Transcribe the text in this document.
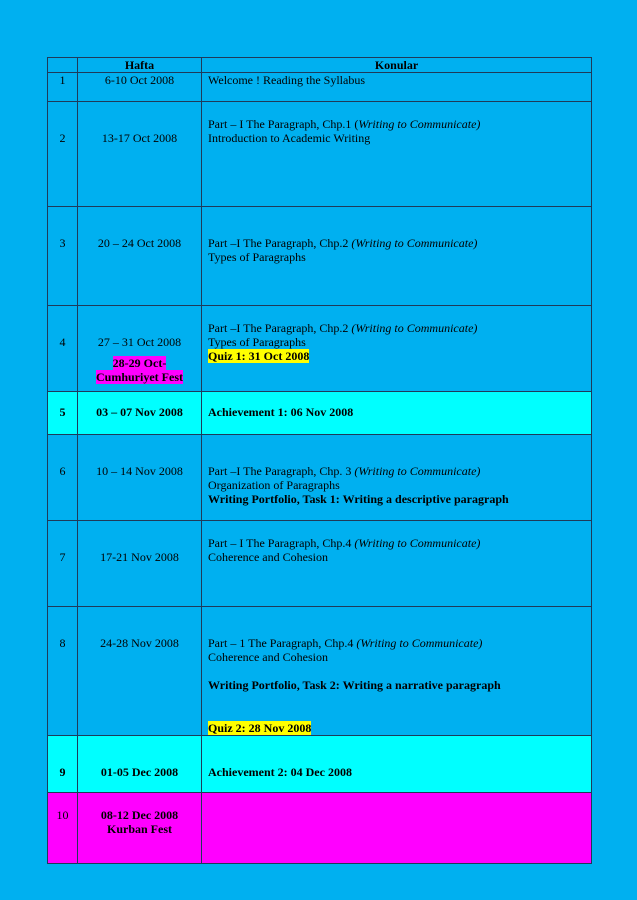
	Hafta	Konular
1	6-10 Oct 2008	Welcome ! Reading the Syllabus
2	13-17 Oct 2008	Part – I The Paragraph, Chp.1 (Writing to Communicate)
Introduction to Academic Writing

3	20 – 24 Oct 2008	Part –I The Paragraph, Chp.2 (Writing to Communicate)
Types of Paragraphs

4	27 – 31 Oct 2008
28-29 Oct-
Cumhuriyet Fest	Part –I The Paragraph, Chp.2 (Writing to Communicate)
Types of Paragraphs
Quiz 1: 31 Oct 2008
5	03 – 07 Nov 2008	Achievement 1: 06 Nov 2008
6	10 – 14 Nov 2008	Part –I The Paragraph, Chp. 3 (Writing to Communicate)
Organization of Paragraphs
Writing Portfolio, Task 1: Writing a descriptive paragraph

7	17-21 Nov 2008	Part – I The Paragraph, Chp.4 (Writing to Communicate)
Coherence and Cohesion

8	24-28 Nov 2008	Part – 1 The Paragraph, Chp.4 (Writing to Communicate)
Coherence and Cohesion
Writing Portfolio, Task 2: Writing a narrative paragraph
Quiz 2: 28 Nov 2008
9	01-05 Dec 2008	Achievement 2: 04 Dec 2008
10	08-12 Dec 2008
Kurban Fest	
